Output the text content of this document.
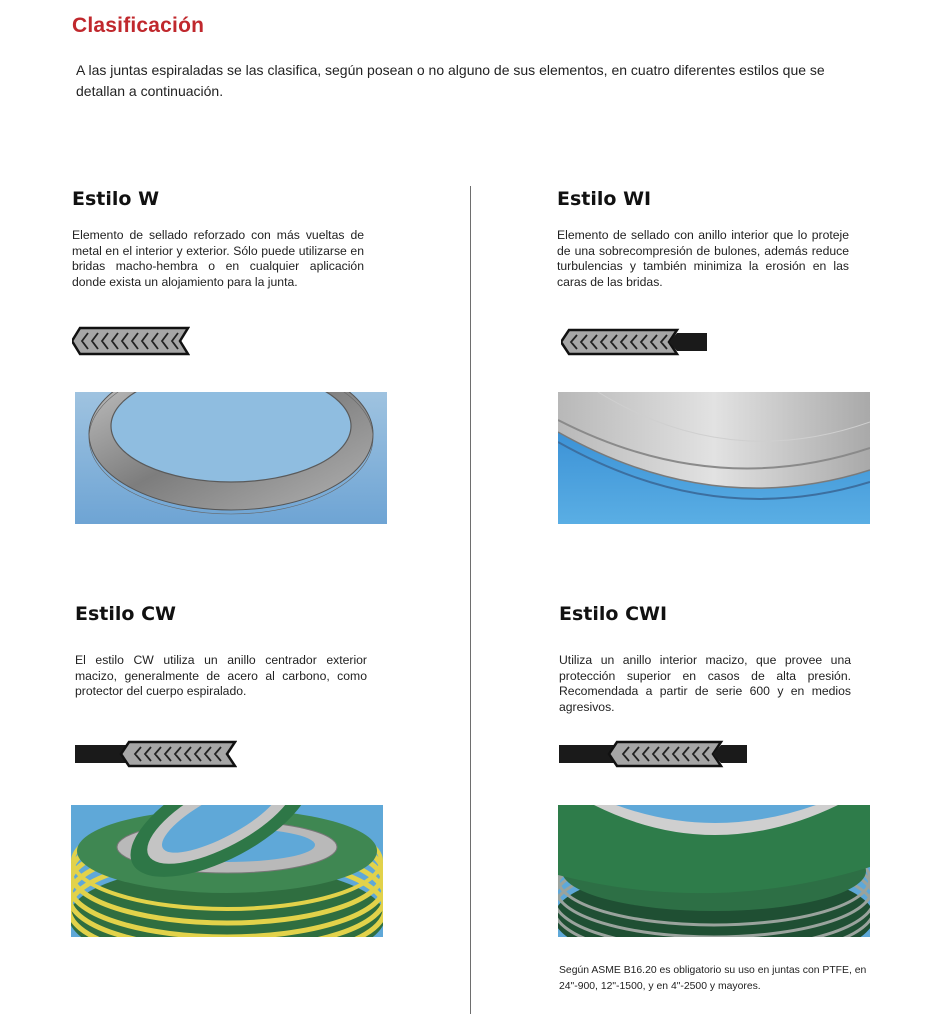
Clasificación

A las juntas espiraladas se las clasifica, según posean o no alguno de sus elementos, en cuatro diferentes estilos que se detallan a continuación.

Estilo W

Elemento de sellado reforzado con más vueltas de metal en el interior y exterior. Sólo puede utilizarse en bridas macho-hembra o en cualquier aplicación donde exista un alojamiento para la junta.

Estilo WI

Elemento de sellado con anillo interior que lo proteje de una sobrecompresión de bulones, además reduce turbulencias y también minimiza la erosión en las caras de las bridas.

Estilo CW

El estilo CW utiliza un anillo centrador exterior macizo, generalmente de acero al carbono, como protector del cuerpo espiralado.

Estilo CWI

Utiliza un anillo interior macizo, que provee una protección superior en casos de alta presión. Recomendada a partir de serie 600 y en medios agresivos.

Según ASME B16.20 es obligatorio su uso en juntas con PTFE, en 24"-900, 12"-1500, y en 4"-2500 y mayores.
